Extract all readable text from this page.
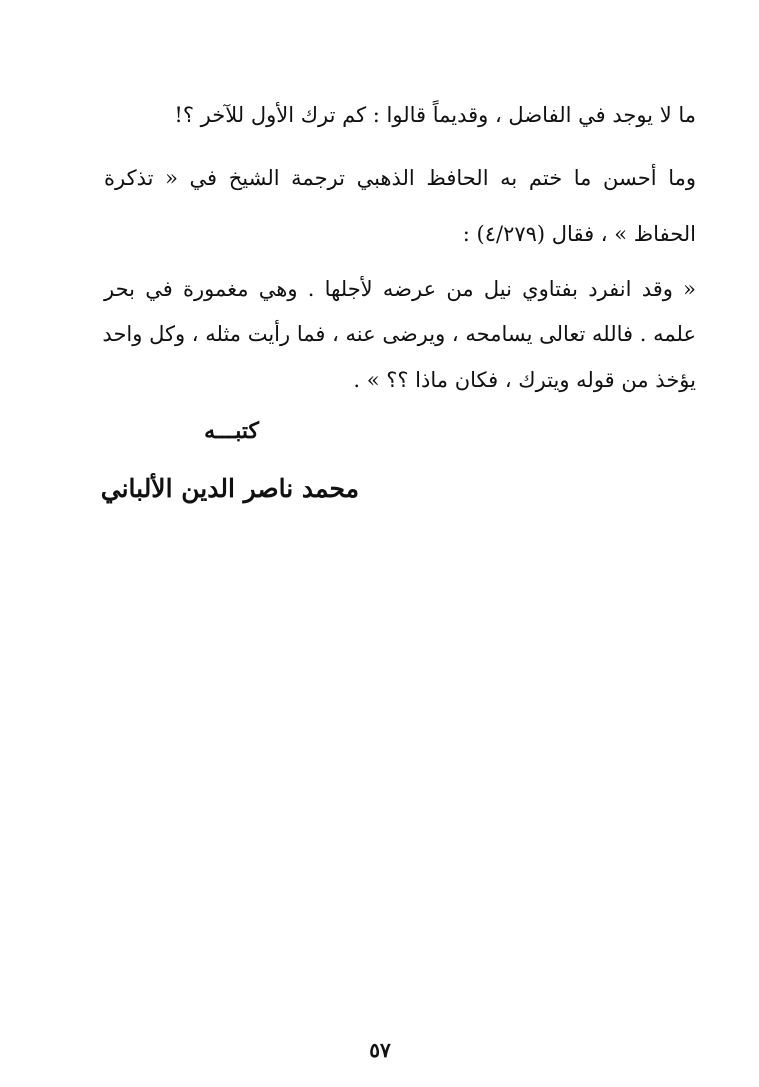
ما لا يوجد في الفاضل ، وقديماً قالوا : كم ترك الأول للآخر ؟!
وما أحسن ما ختم به الحافظ الذهبي ترجمة الشيخ في « تذكرة
الحفاظ » ، فقال (٤/٢٧٩) :
« وقد انفرد بفتاوي نيل من عرضه لأجلها . وهي مغمورة في بحر
علمه . فالله تعالى يسامحه ، ويرضى عنه ، فما رأيت مثله ، وكل واحد
يؤخذ من قوله ويترك ، فكان ماذا ؟؟ » .
كتبـــه
محمد ناصر الدين الألباني
٥٧
